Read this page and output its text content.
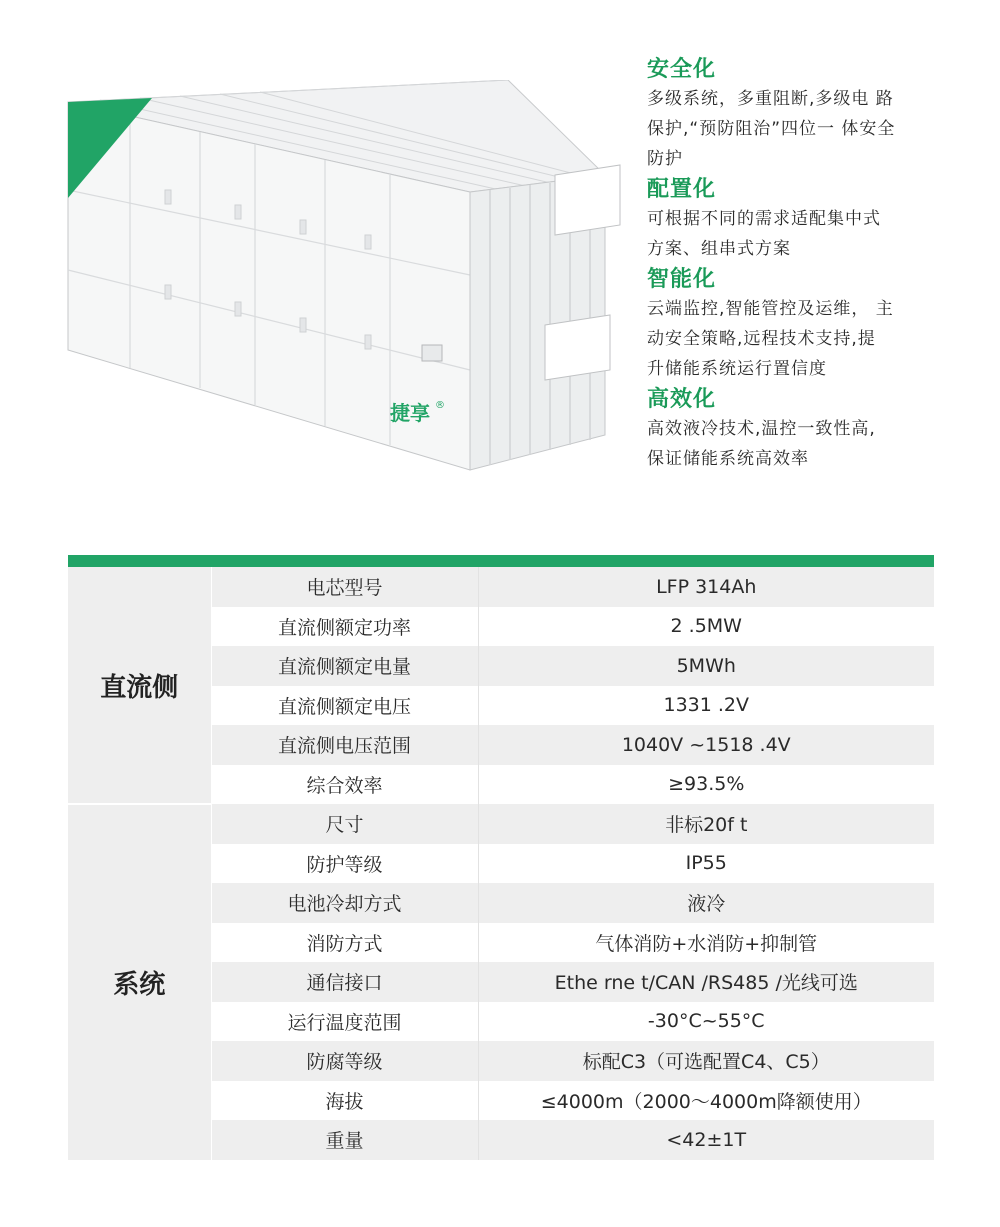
捷享 ®

安全化

多级系统，多重阻断,多级电 路

保护,“预防阻治”四位一 体安全

防护

配置化

可根据不同的需求适配集中式

方案、组串式方案

智能化

云端监控,智能管控及运维， 主

动安全策略,远程技术支持,提

升储能系统运行置信度

高效化

高效液冷技术,温控一致性高,

保证储能系统高效率

直流侧	电芯型号	LFP 314Ah
	直流侧额定功率	2 .5MW
	直流侧额定电量	5MWh
	直流侧额定电压	1331 .2V
	直流侧电压范围	1040V ~1518 .4V
	综合效率	≥93.5%
系统	尺寸	非标20f t
	防护等级	IP55
	电池冷却方式	液冷
	消防方式	气体消防+水消防+抑制管
	通信接口	Ethe rne t/CAN /RS485 /光线可选
	运行温度范围	-30°C~55°C
	防腐等级	标配C3（可选配置C4、C5）
	海拔	≤4000m（2000～4000m降额使用）
	重量	<42±1T
